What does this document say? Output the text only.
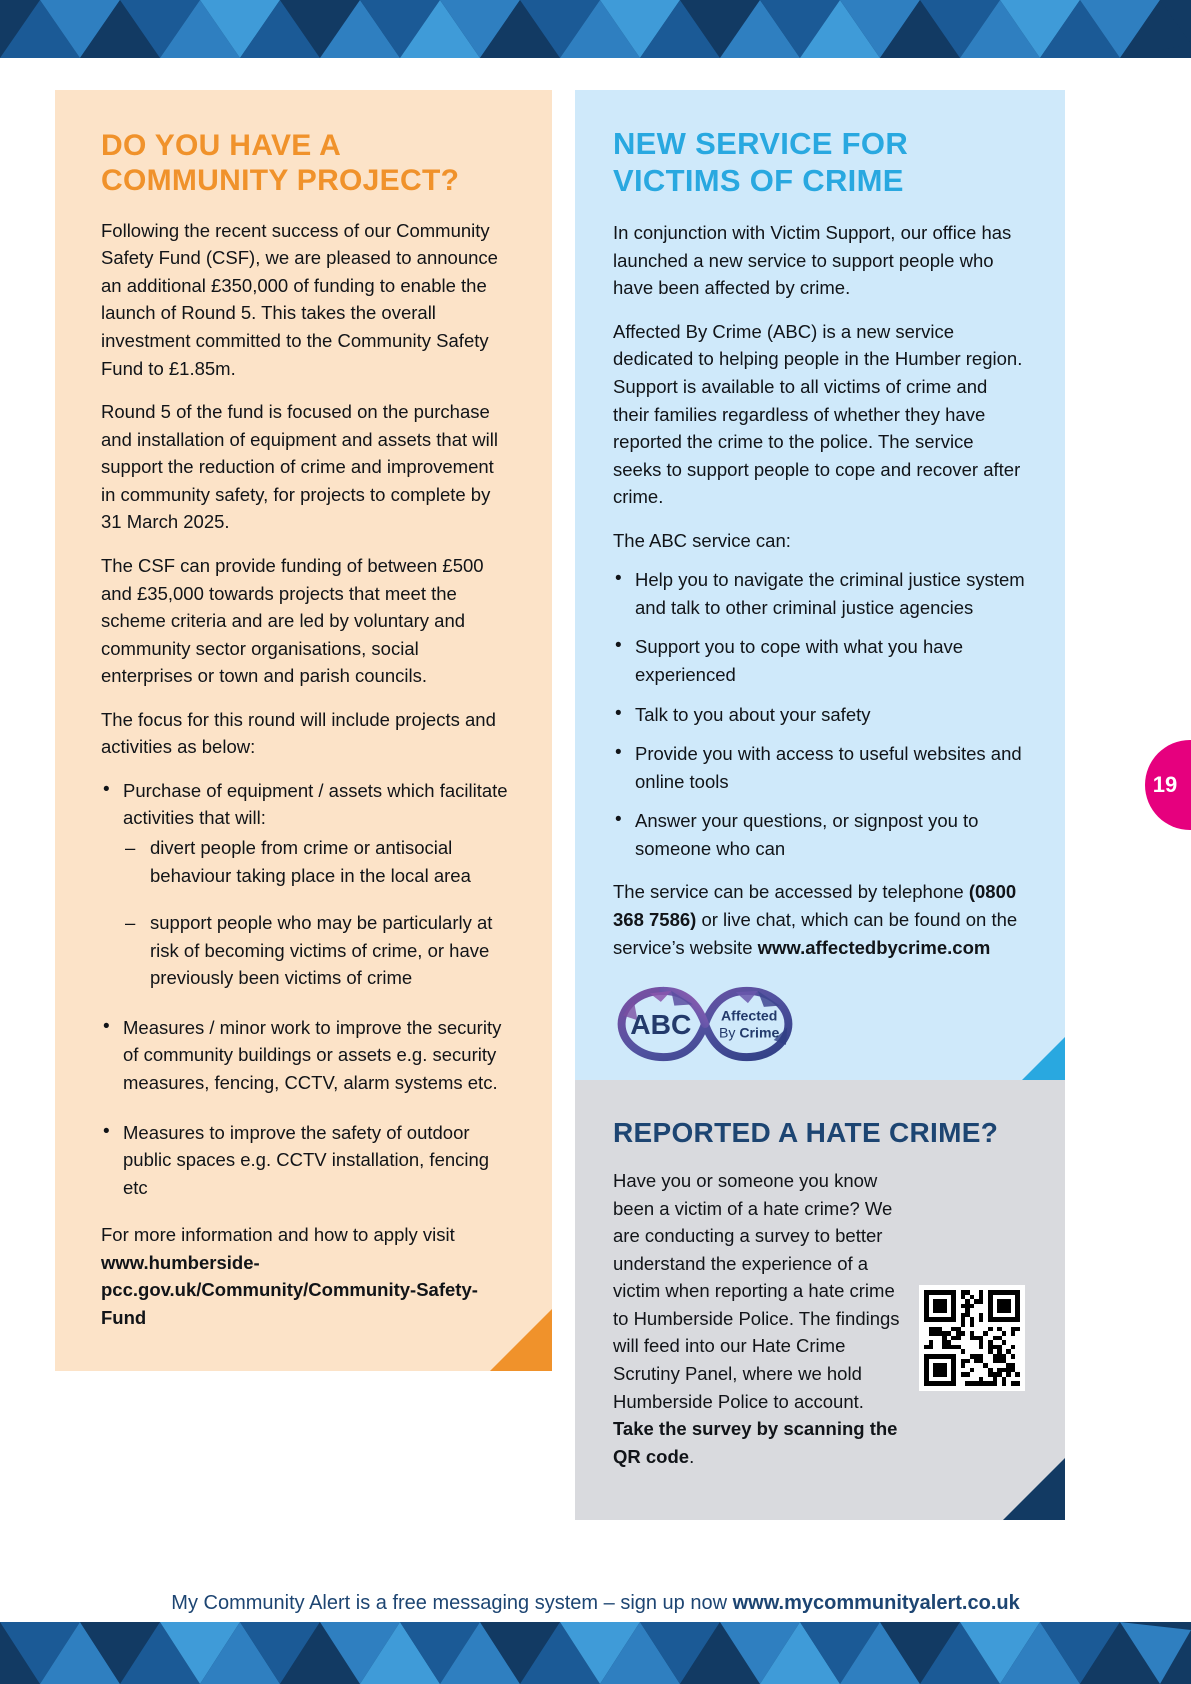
DO YOU HAVE A
COMMUNITY PROJECT?

Following the recent success of our Community Safety Fund (CSF), we are pleased to announce an additional £350,000 of funding to enable the launch of Round 5. This takes the overall investment committed to the Community Safety Fund to £1.85m.

Round 5 of the fund is focused on the purchase and installation of equipment and assets that will support the reduction of crime and improvement in community safety, for projects to complete by 31 March 2025.

The CSF can provide funding of between £500 and £35,000 towards projects that meet the scheme criteria and are led by voluntary and community sector organisations, social enterprises or town and parish councils.

The focus for this round will include projects and activities as below:

• Purchase of equipment / assets which facilitate activities that will:
– divert people from crime or antisocial behaviour taking place in the local area
– support people who may be particularly at risk of becoming victims of crime, or have previously been victims of crime
• Measures / minor work to improve the security of community buildings or assets e.g. security measures, fencing, CCTV, alarm systems etc.
• Measures to improve the safety of outdoor public spaces e.g. CCTV installation, fencing etc

For more information and how to apply visit www.humberside-pcc.gov.uk/Community/Community-Safety-Fund

NEW SERVICE FOR
VICTIMS OF CRIME

In conjunction with Victim Support, our office has launched a new service to support people who have been affected by crime.

Affected By Crime (ABC) is a new service dedicated to helping people in the Humber region. Support is available to all victims of crime and their families regardless of whether they have reported the crime to the police. The service seeks to support people to cope and recover after crime.

The ABC service can:

• Help you to navigate the criminal justice system and talk to other criminal justice agencies
• Support you to cope with what you have experienced
• Talk to you about your safety
• Provide you with access to useful websites and online tools
• Answer your questions, or signpost you to someone who can

The service can be accessed by telephone (0800 368 7586) or live chat, which can be found on the service’s website www.affectedbycrime.com

ABC Affected
By Crime
REPORTED A HATE CRIME?

Have you or someone you know been a victim of a hate crime? We are conducting a survey to better understand the experience of a victim when reporting a hate crime to Humberside Police. The findings will feed into our Hate Crime Scrutiny Panel, where we hold Humberside Police to account. Take the survey by scanning the QR code.

19
My Community Alert is a free messaging system – sign up now www.mycommunityalert.co.uk
